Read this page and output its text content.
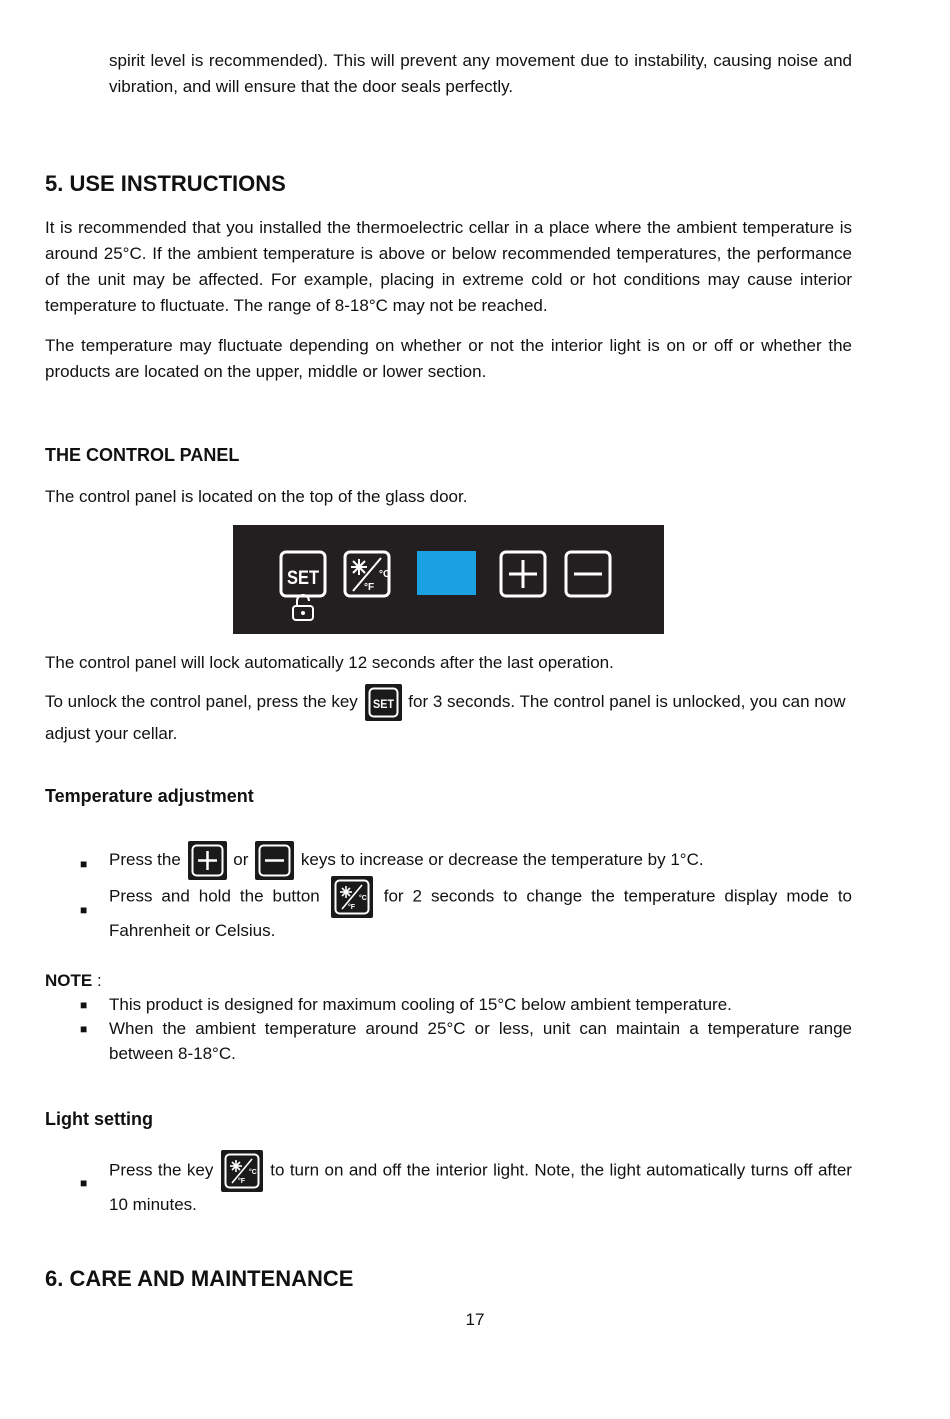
spirit level is recommended). This will prevent any movement due to instability, causing noise and vibration, and will ensure that the door seals perfectly.

5. USE INSTRUCTIONS

It is recommended that you installed the thermoelectric cellar in a place where the ambient temperature is around 25°C. If the ambient temperature is above or below recommended temperatures, the performance of the unit may be affected. For example, placing in extreme cold or hot conditions may cause interior temperature to fluctuate. The range of 8-18°C may not be reached.

The temperature may fluctuate depending on whether or not the interior light is on or off or whether the products are located on the upper, middle or lower section.

THE CONTROL PANEL

The control panel is located on the top of the glass door.

SET	°C
°F

The control panel will lock automatically 12 seconds after the last operation.

To unlock the control panel, press the key SET for 3 seconds. The control panel is unlocked, you can now adjust your cellar.

Temperature adjustment
■ Press the	or	keys to increase or decrease the temperature by 1°C.

■

Press and hold the button	°C
°F
for 2 seconds to change the temperature display mode to Fahrenheit or Celsius.

NOTE :

■ This product is designed for maximum cooling of 15°C below ambient temperature.

■ When the ambient temperature around 25°C or less, unit can maintain a temperature range between 8-18°C.

Light setting
■

Press the key	°C
°F
to turn on and off the interior light. Note, the light automatically turns off after 10 minutes.

6. CARE AND MAINTENANCE
17
